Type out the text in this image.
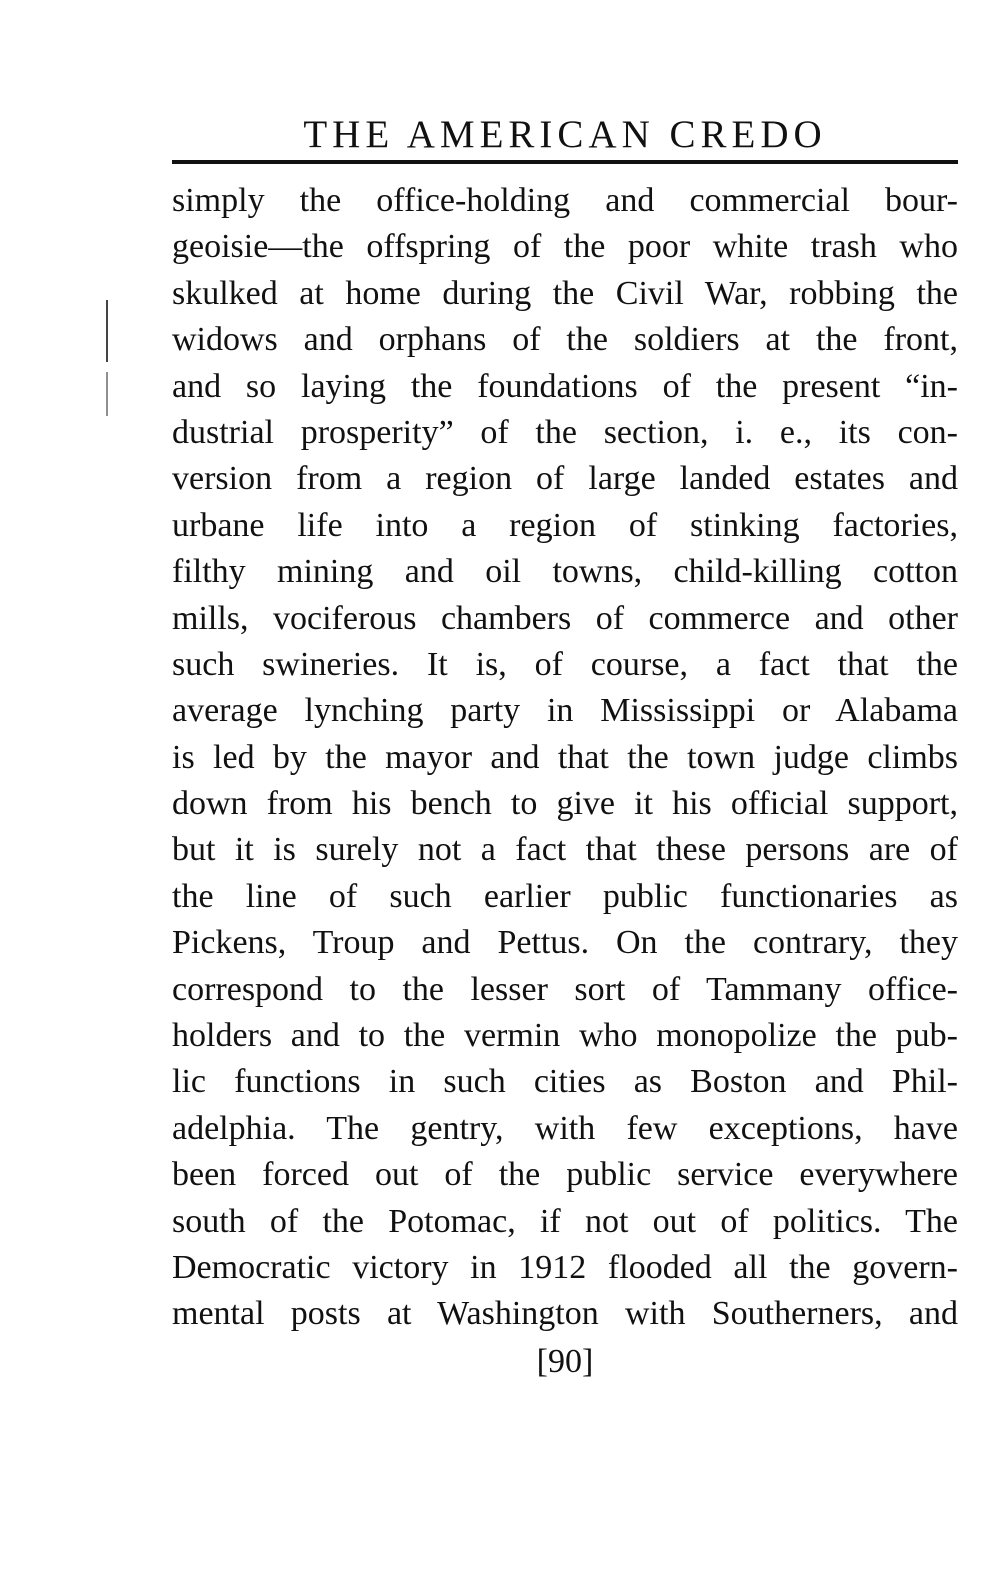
THE AMERICAN CREDO
simply the office-holding and commercial bour-
geoisie—the offspring of the poor white trash who
skulked at home during the Civil War, robbing the
widows and orphans of the soldiers at the front,
and so laying the foundations of the present “in-
dustrial prosperity” of the section, i. e., its con-
version from a region of large landed estates and
urbane life into a region of stinking factories,
filthy mining and oil towns, child-killing cotton
mills, vociferous chambers of commerce and other
such swineries. It is, of course, a fact that the
average lynching party in Mississippi or Alabama
is led by the mayor and that the town judge climbs
down from his bench to give it his official support,
but it is surely not a fact that these persons are of
the line of such earlier public functionaries as
Pickens, Troup and Pettus. On the contrary, they
correspond to the lesser sort of Tammany office-
holders and to the vermin who monopolize the pub-
lic functions in such cities as Boston and Phil-
adelphia. The gentry, with few exceptions, have
been forced out of the public service everywhere
south of the Potomac, if not out of politics. The
Democratic victory in 1912 flooded all the govern-
mental posts at Washington with Southerners, and
[90]
